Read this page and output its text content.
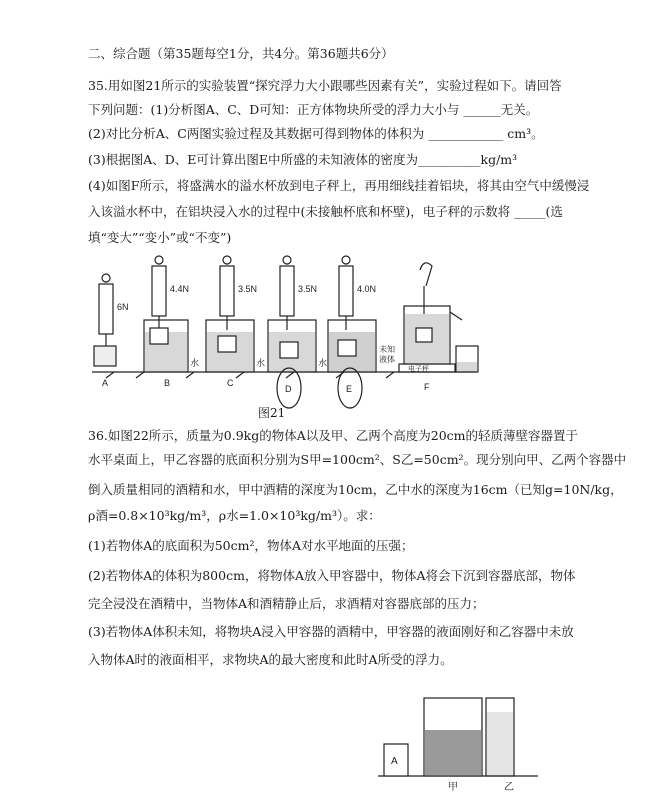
二、综合题（第35题每空1分，共4分。第36题共6分）
35.用如图21所示的实验装置“探究浮力大小跟哪些因素有关”，实验过程如下。请回答
下列问题：(1)分析图A、C、D可知：正方体物块所受的浮力大小与 ______无关。
(2)对比分析A、C两图实验过程及其数据可得到物体的体积为 ____________ cm³。
(3)根据图A、D、E可计算出图E中所盛的未知液体的密度为__________kg/m³
(4)如图F所示，将盛满水的溢水杯放到电子秤上，再用细线挂着铝块，将其由空气中缓慢浸
入该溢水杯中，在铝块浸入水的过程中(未接触杯底和杯壁)，电子秤的示数将 _____(选
填“变大”“变小”或“不变”)
6N
4.4N	3.5N	3.5N	4.0N
A	B	C
D	E	F
水	水	水
未知
液体
电子秤
图21
36.如图22所示，质量为0.9kg的物体A以及甲、乙两个高度为20cm的轻质薄壁容器置于
水平桌面上，甲乙容器的底面积分别为S甲=100cm²、S乙=50cm²。现分别向甲、乙两个容器中
倒入质量相同的酒精和水，甲中酒精的深度为10cm，乙中水的深度为16cm（已知g=10N/kg，
ρ酒=0.8×10³kg/m³，ρ水=1.0×10³kg/m³）。求：
(1)若物体A的底面积为50cm²，物体A对水平地面的压强；
(2)若物体A的体积为800cm，将物体A放入甲容器中，物体A将会下沉到容器底部，物体
完全浸没在酒精中，当物体A和酒精静止后，求酒精对容器底部的压力；
(3)若物体A体积未知，将物块A浸入甲容器的酒精中，甲容器的液面刚好和乙容器中未放
入物体A时的液面相平，求物块A的最大密度和此时A所受的浮力。
A
甲	乙
